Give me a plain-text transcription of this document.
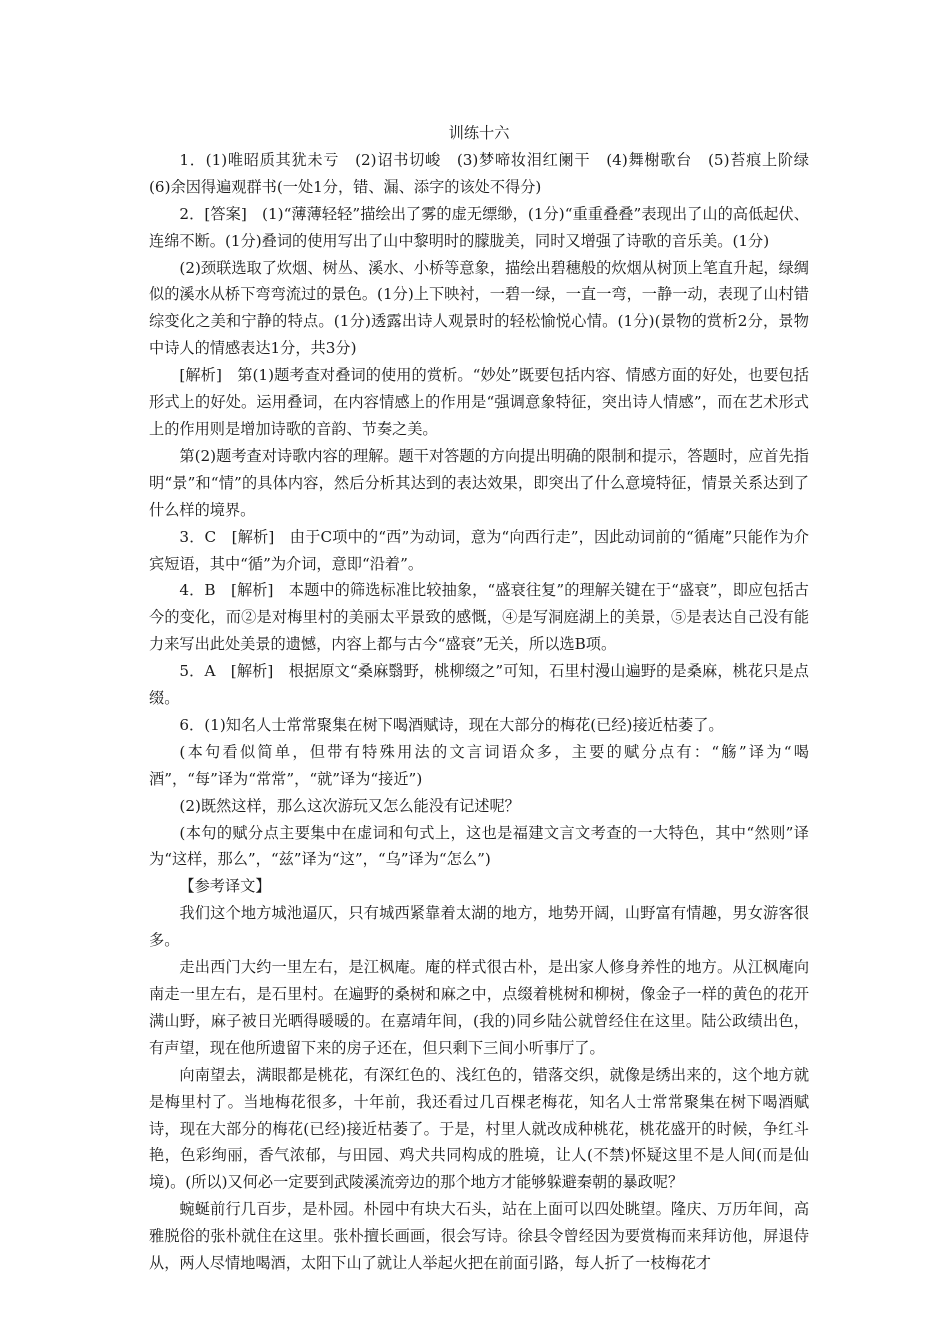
训练十六

1．(1)唯昭质其犹未亏　(2)诏书切峻　(3)梦啼妆泪红阑干　(4)舞榭歌台　(5)苔痕上阶绿　(6)余因得遍观群书(一处1分，错、漏、添字的该处不得分)

2．[答案]　(1)“薄薄轻轻”描绘出了雾的虚无缥缈，(1分)“重重叠叠”表现出了山的高低起伏、连绵不断。(1分)叠词的使用写出了山中黎明时的朦胧美，同时又增强了诗歌的音乐美。(1分)

(2)颈联选取了炊烟、树丛、溪水、小桥等意象，描绘出碧穗般的炊烟从树顶上笔直升起，绿绸似的溪水从桥下弯弯流过的景色。(1分)上下映衬，一碧一绿，一直一弯，一静一动，表现了山村错综变化之美和宁静的特点。(1分)透露出诗人观景时的轻松愉悦心情。(1分)(景物的赏析2分，景物中诗人的情感表达1分，共3分)

[解析]　第(1)题考查对叠词的使用的赏析。“妙处”既要包括内容、情感方面的好处，也要包括形式上的好处。运用叠词，在内容情感上的作用是“强调意象特征，突出诗人情感”，而在艺术形式上的作用则是增加诗歌的音韵、节奏之美。

第(2)题考查对诗歌内容的理解。题干对答题的方向提出明确的限制和提示，答题时，应首先指明“景”和“情”的具体内容，然后分析其达到的表达效果，即突出了什么意境特征，情景关系达到了什么样的境界。

3．C　[解析]　由于C项中的“西”为动词，意为“向西行走”，因此动词前的“循庵”只能作为介宾短语，其中“循”为介词，意即“沿着”。

4．B　[解析]　本题中的筛选标准比较抽象，“盛衰往复”的理解关键在于“盛衰”，即应包括古今的变化，而②是对梅里村的美丽太平景致的感慨，④是写洞庭湖上的美景，⑤是表达自己没有能力来写出此处美景的遗憾，内容上都与古今“盛衰”无关，所以选B项。

5．A　[解析]　根据原文“桑麻翳野，桃柳缀之”可知，石里村漫山遍野的是桑麻，桃花只是点缀。

6．(1)知名人士常常聚集在树下喝酒赋诗，现在大部分的梅花(已经)接近枯萎了。

(本句看似简单，但带有特殊用法的文言词语众多，主要的赋分点有：“觞”译为“喝酒”，“每”译为“常常”，“就”译为“接近”)

(2)既然这样，那么这次游玩又怎么能没有记述呢？

(本句的赋分点主要集中在虚词和句式上，这也是福建文言文考查的一大特色，其中“然则”译为“这样，那么”，“兹”译为“这”，“乌”译为“怎么”)

【参考译文】

我们这个地方城池逼仄，只有城西紧靠着太湖的地方，地势开阔，山野富有情趣，男女游客很多。

走出西门大约一里左右，是江枫庵。庵的样式很古朴，是出家人修身养性的地方。从江枫庵向南走一里左右，是石里村。在遍野的桑树和麻之中，点缀着桃树和柳树，像金子一样的黄色的花开满山野，麻子被日光晒得暖暖的。在嘉靖年间，(我的)同乡陆公就曾经住在这里。陆公政绩出色，有声望，现在他所遗留下来的房子还在，但只剩下三间小听事厅了。

向南望去，满眼都是桃花，有深红色的、浅红色的，错落交织，就像是绣出来的，这个地方就是梅里村了。当地梅花很多，十年前，我还看过几百棵老梅花，知名人士常常聚集在树下喝酒赋诗，现在大部分的梅花(已经)接近枯萎了。于是，村里人就改成种桃花，桃花盛开的时候，争红斗艳，色彩绚丽，香气浓郁，与田园、鸡犬共同构成的胜境，让人(不禁)怀疑这里不是人间(而是仙境)。(所以)又何必一定要到武陵溪流旁边的那个地方才能够躲避秦朝的暴政呢？

蜿蜒前行几百步，是朴园。朴园中有块大石头，站在上面可以四处眺望。隆庆、万历年间，高雅脱俗的张朴就住在这里。张朴擅长画画，很会写诗。徐县令曾经因为要赏梅而来拜访他，屏退侍从，两人尽情地喝酒，太阳下山了就让人举起火把在前面引路，每人折了一枝梅花才
